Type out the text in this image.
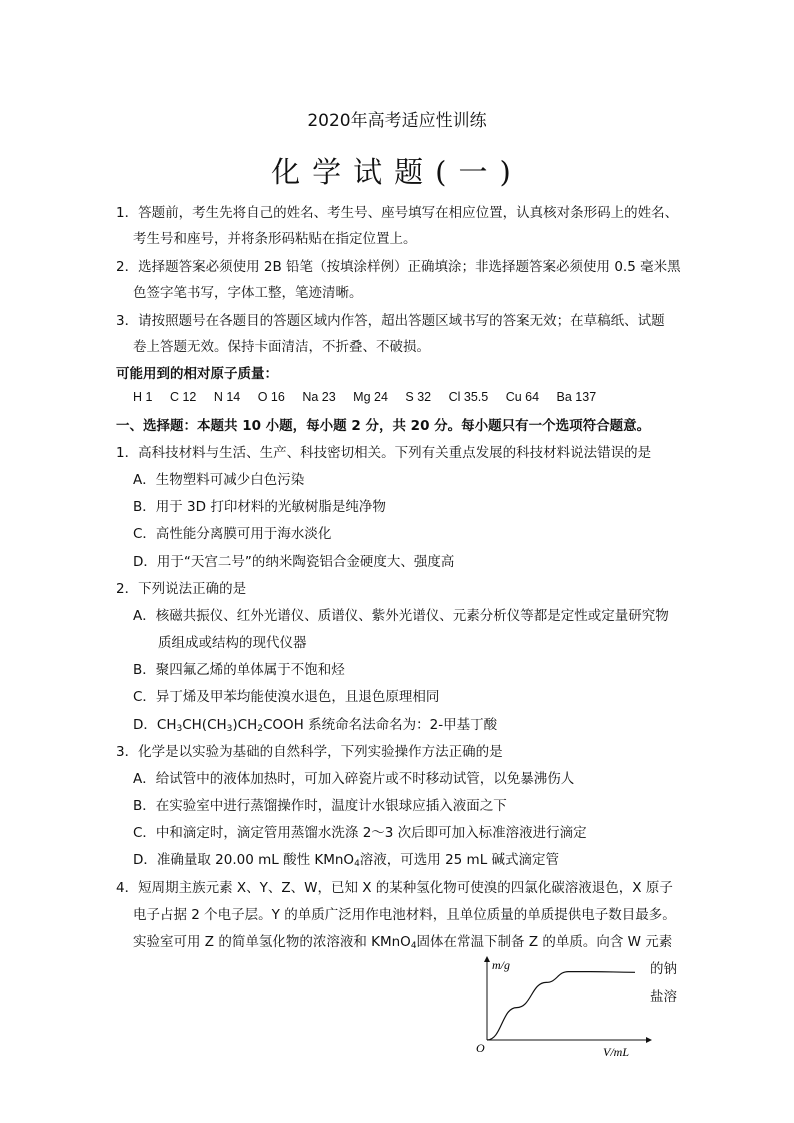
2020年高考适应性训练
化学试题(一)
1．答题前，考生先将自己的姓名、考生号、座号填写在相应位置，认真核对条形码上的姓名、
考生号和座号，并将条形码粘贴在指定位置上。
2．选择题答案必须使用 2B 铅笔（按填涂样例）正确填涂；非选择题答案必须使用 0.5 毫米黑
色签字笔书写，字体工整，笔迹清晰。
3．请按照题号在各题目的答题区域内作答，超出答题区域书写的答案无效；在草稿纸、试题
卷上答题无效。保持卡面清洁，不折叠、不破损。
可能用到的相对原子质量：
H 1 C 12 N 14 O 16 Na 23 Mg 24 S 32 Cl 35.5 Cu 64 Ba 137
一、选择题：本题共 10 小题，每小题 2 分，共 20 分。每小题只有一个选项符合题意。
1．高科技材料与生活、生产、科技密切相关。下列有关重点发展的科技材料说法错误的是
A．生物塑料可减少白色污染
B．用于 3D 打印材料的光敏树脂是纯净物
C．高性能分离膜可用于海水淡化
D．用于“天宫二号”的纳米陶瓷铝合金硬度大、强度高
2．下列说法正确的是
A．核磁共振仪、红外光谱仪、质谱仪、紫外光谱仪、元素分析仪等都是定性或定量研究物
质组成或结构的现代仪器
B．聚四氟乙烯的单体属于不饱和烃
C．异丁烯及甲苯均能使溴水退色，且退色原理相同
D．$CH_3CH(CH_3)CH_2COOH$ 系统命名法命名为：2-甲基丁酸
3．化学是以实验为基础的自然科学，下列实验操作方法正确的是
A．给试管中的液体加热时，可加入碎瓷片或不时移动试管，以免暴沸伤人
B．在实验室中进行蒸馏操作时，温度计水银球应插入液面之下
C．中和滴定时，滴定管用蒸馏水洗涤 2～3 次后即可加入标准溶液进行滴定
D．准确量取 20.00 mL 酸性 KMnO$_4$溶液，可选用 25 mL 碱式滴定管
4．短周期主族元素 X、Y、Z、W，已知 X 的某种氢化物可使溴的四氯化碳溶液退色，X 原子
电子占据 2 个电子层。Y 的单质广泛用作电池材料，且单位质量的单质提供电子数目最多。
实验室可用 Z 的简单氢化物的浓溶液和 KMnO$_4$固体在常温下制备 Z 的单质。向含 W 元素
的钠
盐溶
m/g
V/mL
O
